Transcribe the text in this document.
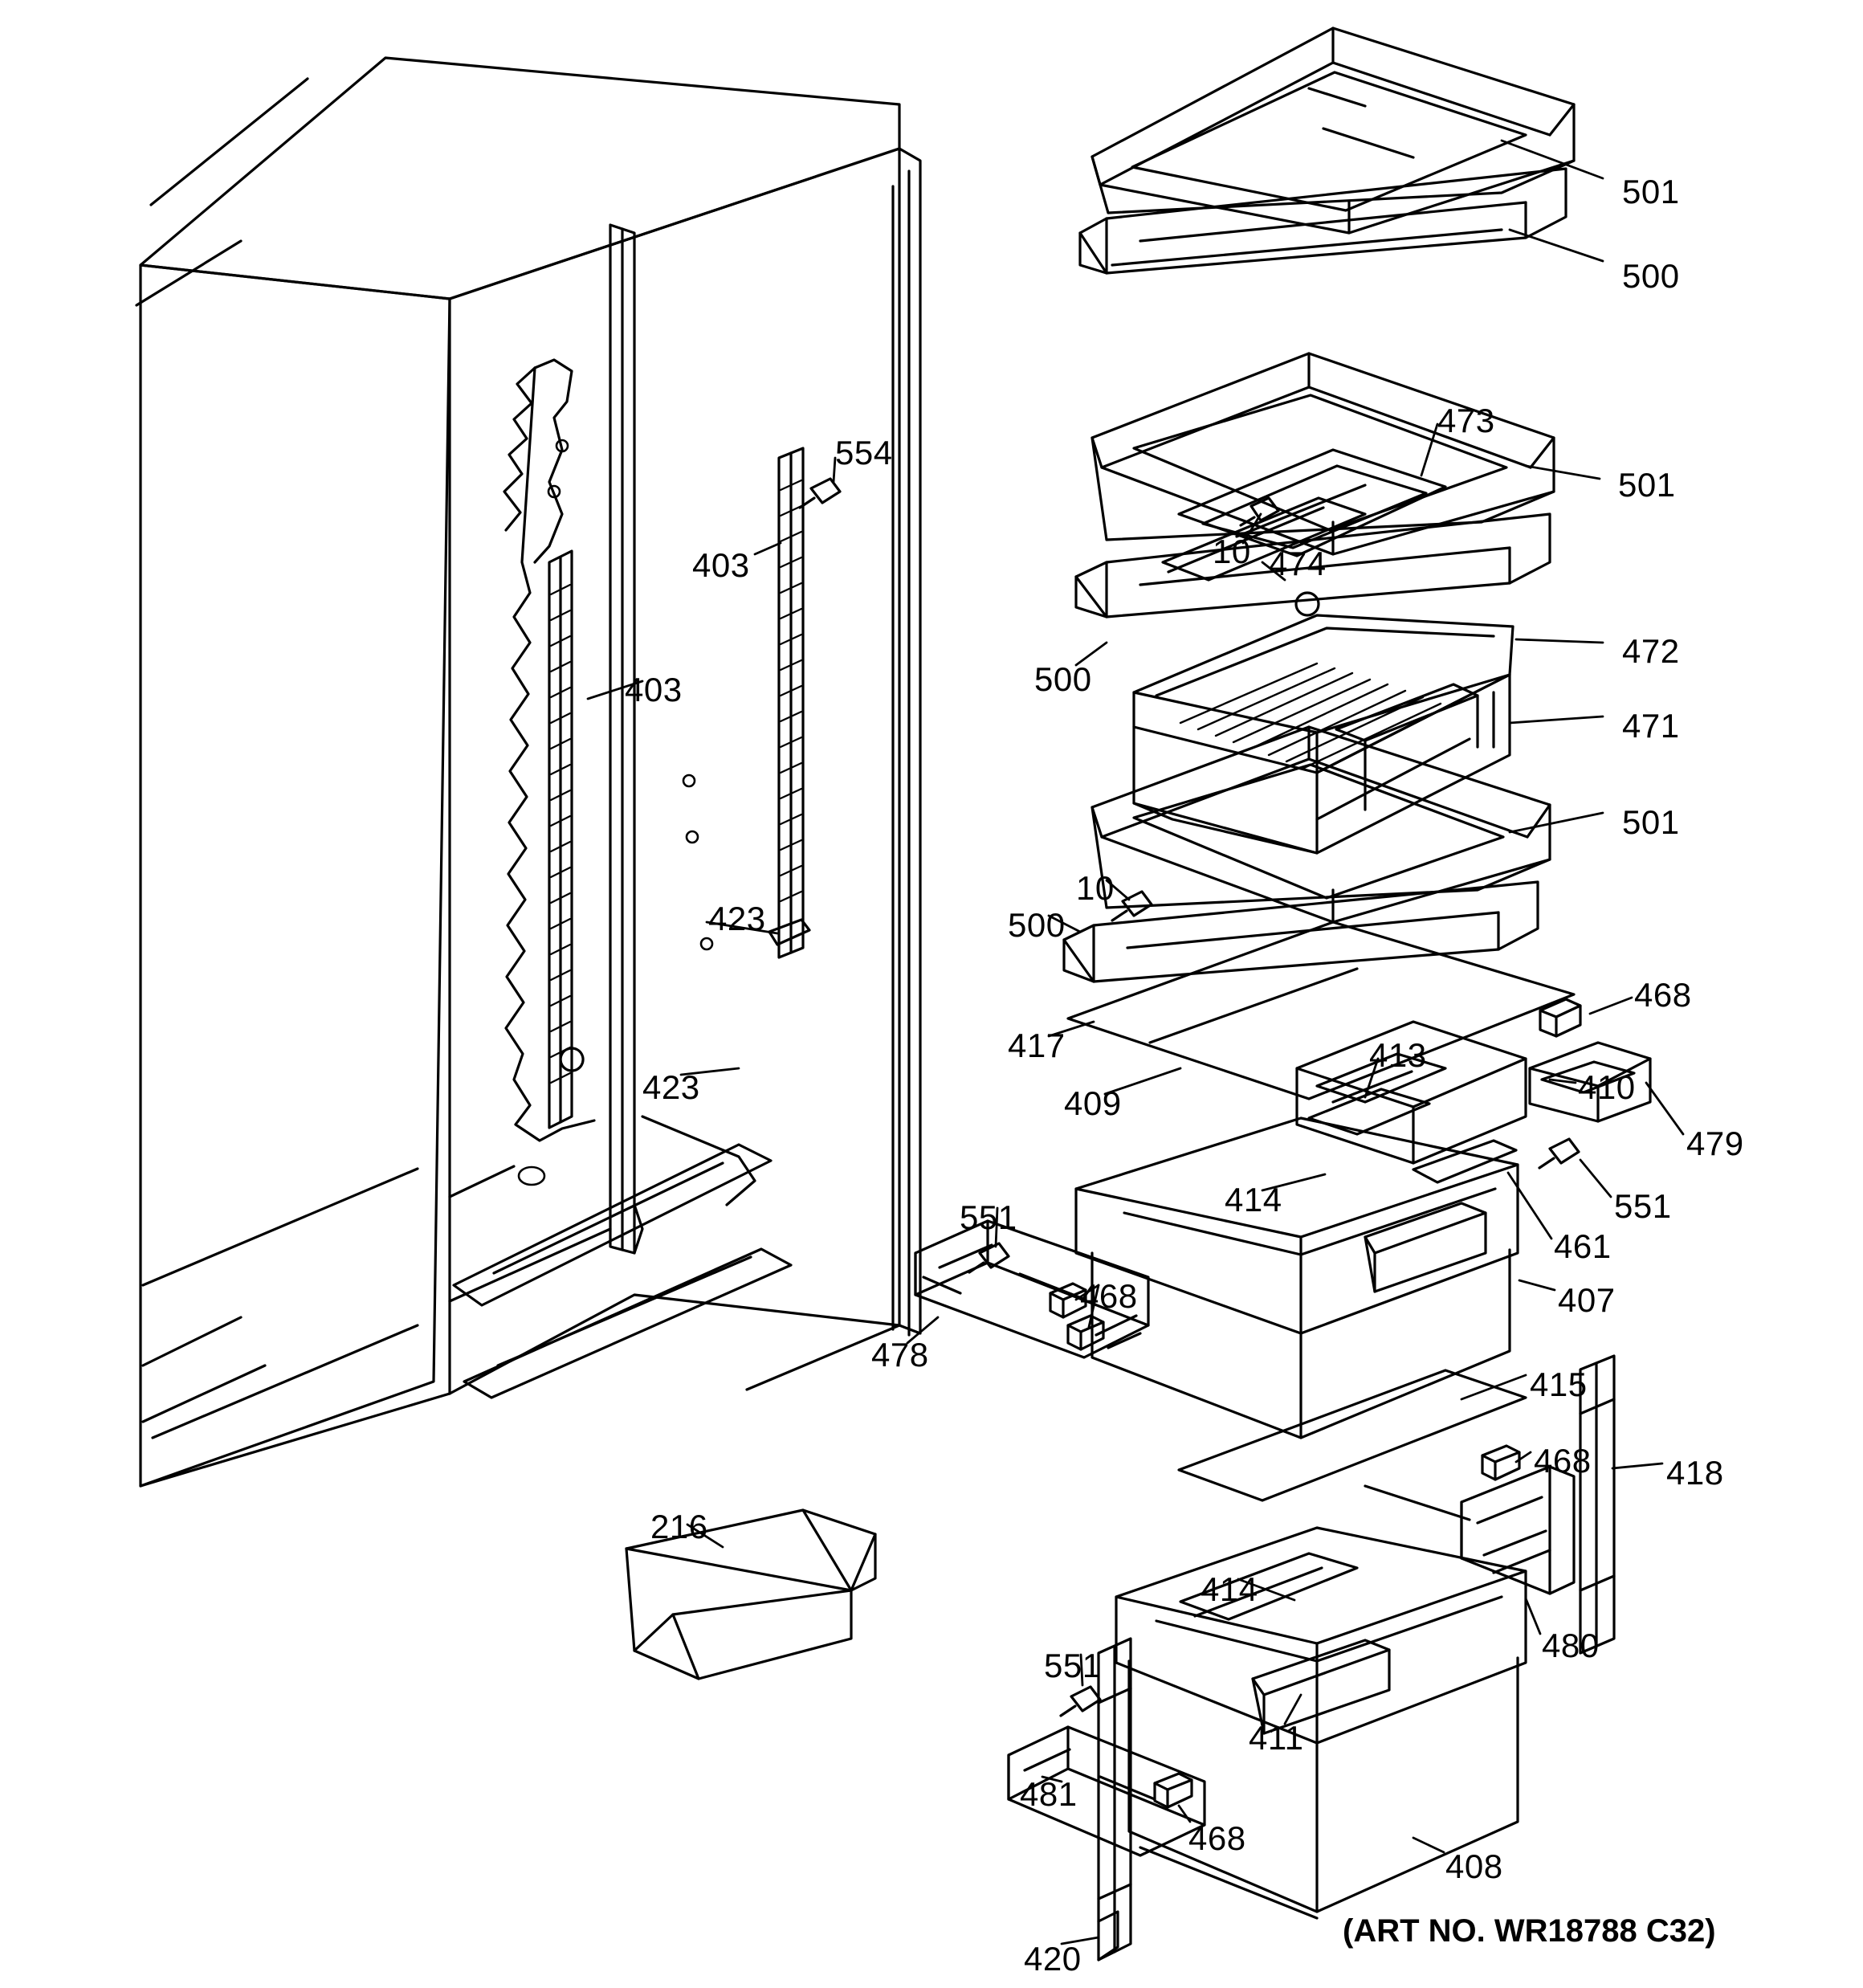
501
500
554
403
403
473
501
10 474
500
472
471
501
10
500
423
423
417
409
413
468
410
479
414	551
461
551
468	407
478
415
468 418
216
414
480
551
411
481
468
408
420
(ART NO. WR18788 C32)
